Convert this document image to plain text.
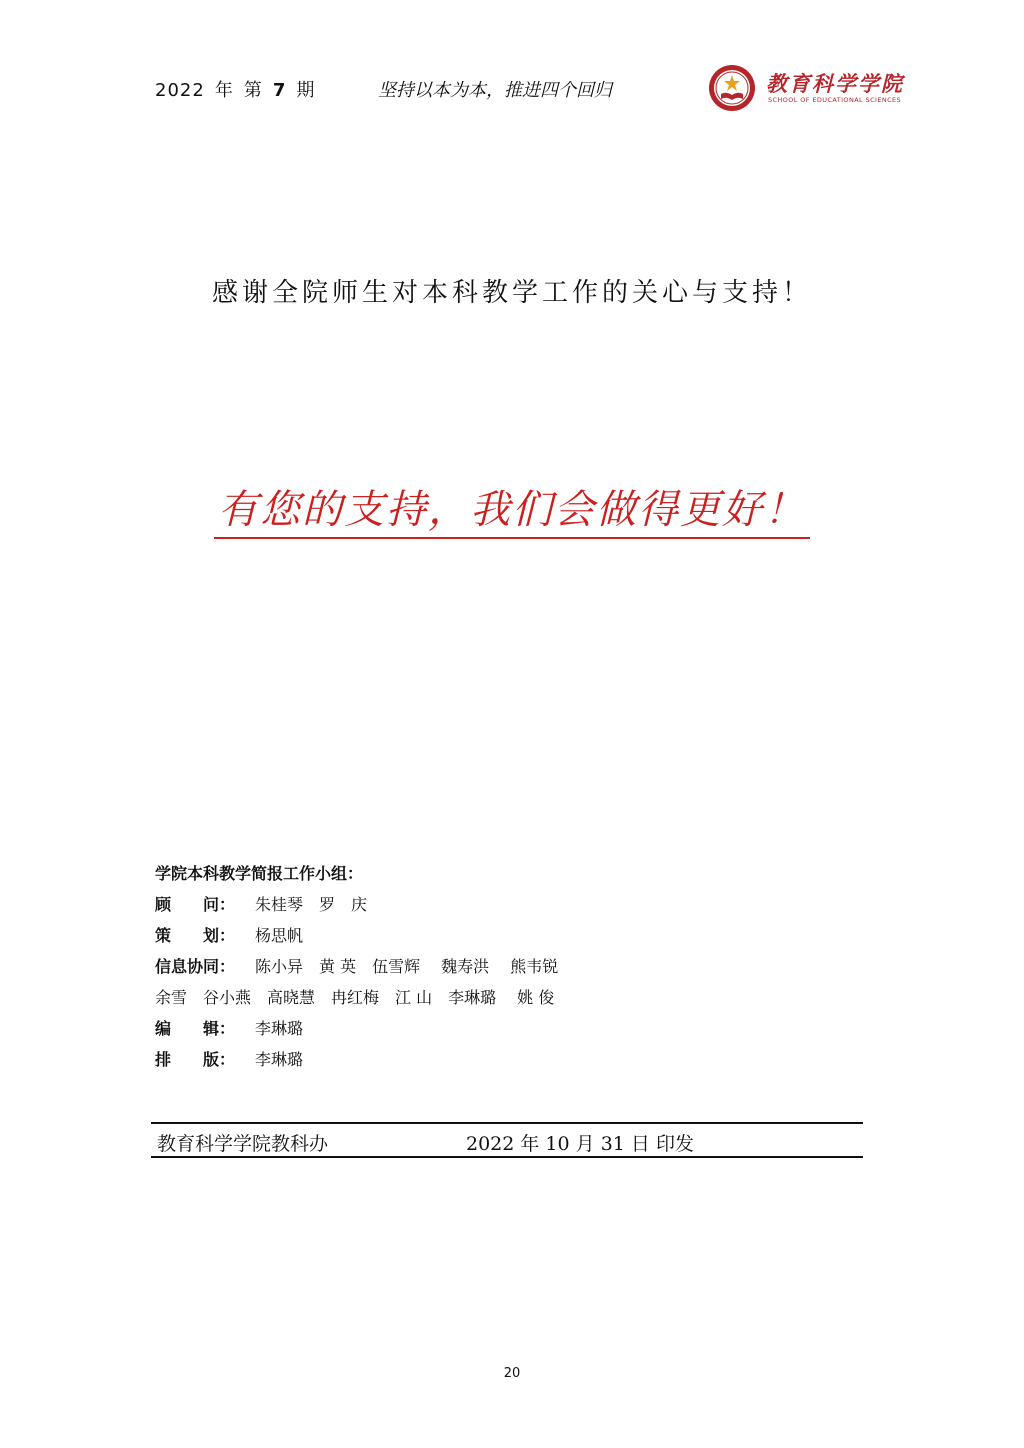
2022 年 第 7 期	坚持以本为本，推进四个回归	教育科学学院
SCHOOL OF EDUCATIONAL SCIENCES
感谢全院师生对本科教学工作的关心与支持！
有您的支持，我们会做得更好！
学院本科教学简报工作小组：
顾　　问： 朱桂琴　罗　庆
策　　划： 杨思帆
信息协同： 陈小异　黄 英　伍雪辉　 魏寿洪　 熊韦锐
余雪　谷小燕　高晓慧　冉红梅　江 山　李琳璐　 姚 俊
编　　辑： 李琳璐
排　　版： 李琳璐
教育科学学院教科办	2022 年 10 月 31 日 印发
20
